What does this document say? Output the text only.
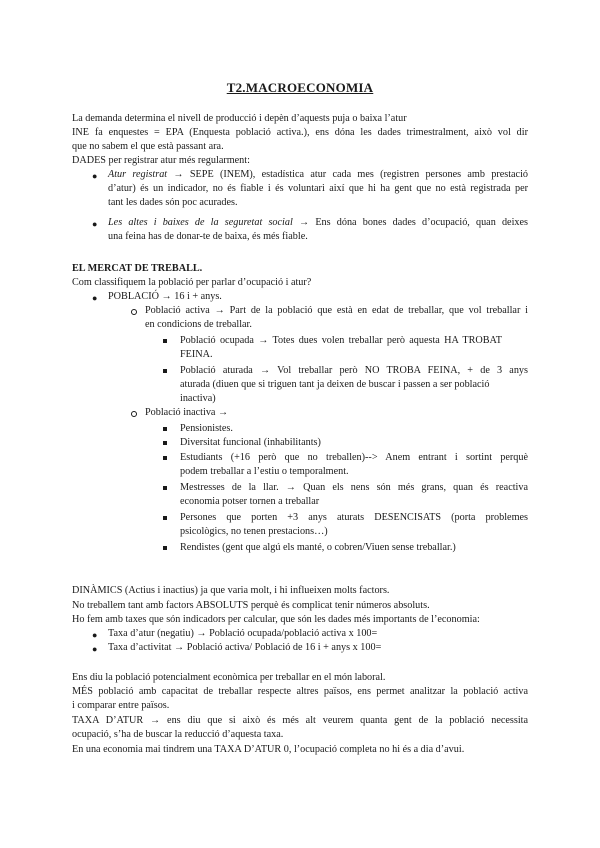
T2.MACROECONOMIA
La demanda determina el nivell de producció i depèn d’aquests puja o baixa l’atur
INE fa enquestes = EPA (Enquesta població activa.), ens dóna les dades trimestralment, això vol dir
que no sabem el que està passant ara.
DADES per registrar atur més regularment:
● Atur registrat → SEPE (INEM), estadística atur cada mes (registren persones amb prestació
d’atur) és un indicador, no és fiable i és voluntari així que hi ha gent que no està registrada per
tant les dades són poc acurades.
● Les altes i baixes de la seguretat social → Ens dóna bones dades d’ocupació, quan deixes
una feina has de donar-te de baixa, és més fiable.
EL MERCAT DE TREBALL.
Com classifiquem la població per parlar d’ocupació i atur?
● POBLACIÓ → 16 i + anys.
Població activa → Part de la població que està en edat de treballar, que vol treballar i
en condicions de treballar.
Població ocupada → Totes dues volen treballar però aquesta HA TROBAT
FEINA.
Població aturada → Vol treballar però NO TROBA FEINA, + de 3 anys
aturada (diuen que si triguen tant ja deixen de buscar i passen a ser població
inactiva)
Població inactiva →
Pensionistes.
Diversitat funcional (inhabilitants)
Estudiants (+16 però que no treballen)--> Anem entrant i sortint perquè
podem treballar a l’estiu o temporalment.
Mestresses de la llar. → Quan els nens són més grans, quan és reactiva
economia potser tornen a treballar
Persones que porten +3 anys aturats DESENCISATS (porta problemes
psicològics, no tenen prestacions…)
Rendistes (gent que algú els manté, o cobren/Viuen sense treballar.)
DINÀMICS (Actius i inactius) ja que varia molt, i hi influeixen molts factors.
No treballem tant amb factors ABSOLUTS perquè és complicat tenir números absoluts.
Ho fem amb taxes que són indicadors per calcular, que són les dades més importants de l’economia:
● Taxa d’atur (negatiu) → Població ocupada/població activa x 100=
● Taxa d’activitat → Població activa/ Població de 16 i + anys x 100=
Ens diu la població potencialment econòmica per treballar en el món laboral.
MÉS població amb capacitat de treballar respecte altres països, ens permet analitzar la població activa
i comparar entre països.
TAXA D’ATUR → ens diu que si això és més alt veurem quanta gent de la població necessita
ocupació, s’ha de buscar la reducció d’aquesta taxa.
En una economia mai tindrem una TAXA D’ATUR 0, l’ocupació completa no hi és a dia d’avui.
